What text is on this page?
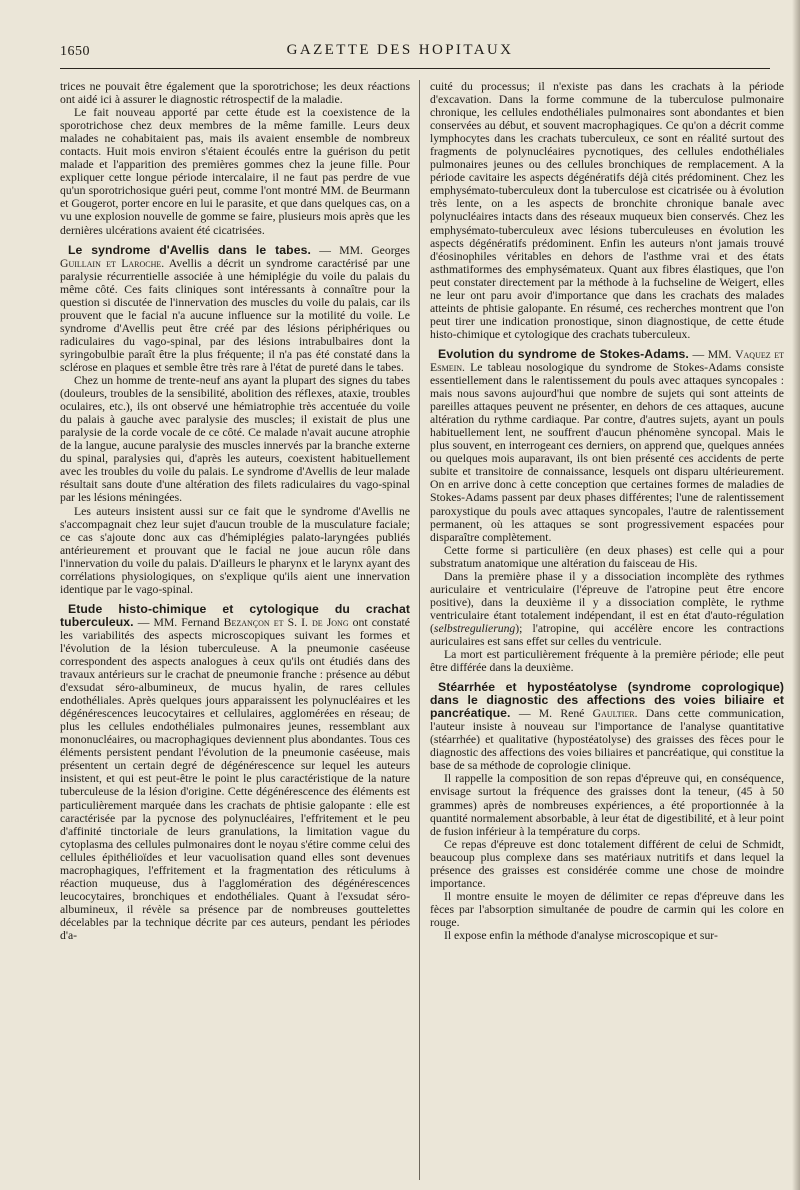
1650	GAZETTE DES HOPITAUX

trices ne pouvait être également que la sporotrichose; les deux réactions ont aidé ici à assurer le diagnostic rétrospectif de la maladie.

Le fait nouveau apporté par cette étude est la coexistence de la sporotrichose chez deux membres de la même famille. Leurs deux malades ne cohabitaient pas, mais ils avaient ensemble de nombreux contacts. Huit mois environ s'étaient écoulés entre la guérison du petit malade et l'apparition des premières gommes chez la jeune fille. Pour expliquer cette longue période intercalaire, il ne faut pas perdre de vue qu'un sporotrichosique guéri peut, comme l'ont montré MM. de Beurmann et Gougerot, porter encore en lui le parasite, et que dans quelques cas, on a vu une explosion nouvelle de gomme se faire, plusieurs mois après que les dernières ulcérations avaient été cicatrisées.

Le syndrome d'Avellis dans le tabes. — MM. Georges Guillain et Laroche. Avellis a décrit un syndrome caractérisé par une paralysie récurrentielle associée à une hémiplégie du voile du palais du même côté. Ces faits cliniques sont intéressants à connaître pour la question si discutée de l'innervation des muscles du voile du palais, car ils prouvent que le facial n'a aucune influence sur la motilité du voile. Le syndrome d'Avellis peut être créé par des lésions périphériques ou radiculaires du vago-spinal, par des lésions intrabulbaires dont la syringobulbie paraît être la plus fréquente; il n'a pas été constaté dans la sclérose en plaques et semble être très rare à l'état de pureté dans le tabes.

Chez un homme de trente-neuf ans ayant la plupart des signes du tabes (douleurs, troubles de la sensibilité, abolition des réflexes, ataxie, troubles oculaires, etc.), ils ont observé une hémiatrophie très accentuée du voile du palais à gauche avec paralysie des muscles; il existait de plus une paralysie de la corde vocale de ce côté. Ce malade n'avait aucune atrophie de la langue, aucune paralysie des muscles innervés par la branche externe du spinal, paralysies qui, d'après les auteurs, coexistent habituellement avec les troubles du voile du palais. Le syndrome d'Avellis de leur malade résultait sans doute d'une altération des filets radiculaires du vago-spinal par les lésions méningées.

Les auteurs insistent aussi sur ce fait que le syndrome d'Avellis ne s'accompagnait chez leur sujet d'aucun trouble de la musculature faciale; ce cas s'ajoute donc aux cas d'hémiplégies palato-laryngées publiés antérieurement et prouvant que le facial ne joue aucun rôle dans l'innervation du voile du palais. D'ailleurs le pharynx et le larynx ayant des corrélations physiologiques, on s'explique qu'ils aient une innervation identique par le vago-spinal.

Etude histo-chimique et cytologique du crachat tuberculeux. — MM. Fernand Bezançon et S. I. de Jong ont constaté les variabilités des aspects microscopiques suivant les formes et l'évolution de la lésion tuberculeuse. A la pneumonie caséeuse correspondent des aspects analogues à ceux qu'ils ont étudiés dans des travaux antérieurs sur le crachat de pneumonie franche : présence au début d'exsudat séro-albumineux, de mucus hyalin, de rares cellules endothéliales. Après quelques jours apparaissent les polynucléaires et les dégénérescences leucocytaires et cellulaires, agglomérées en réseau; de plus les cellules endothéliales pulmonaires jeunes, ressemblant aux mononucléaires, ou macrophagiques deviennent plus abondantes. Tous ces éléments persistent pendant l'évolution de la pneumonie caséeuse, mais présentent un certain degré de dégénérescence sur lequel les auteurs insistent, et qui est peut-être le point le plus caractéristique de la nature tuberculeuse de la lésion d'origine. Cette dégénérescence des éléments est particulièrement marquée dans les crachats de phtisie galopante : elle est caractérisée par la pycnose des polynucléaires, l'effritement et le peu d'affinité tinctoriale de leurs granulations, la limitation vague du cytoplasma des cellules pulmonaires dont le noyau s'étire comme celui des cellules épithélioïdes et leur vacuolisation quand elles sont devenues macrophagiques, l'effritement et la fragmentation des réticulums à réaction muqueuse, dus à l'agglomération des dégénérescences leucocytaires, bronchiques et endothéliales. Quant à l'exsudat séro-albumineux, il révèle sa présence par de nombreuses gouttelettes décelables par la technique décrite par ces auteurs, pendant les périodes d'a-

cuité du processus; il n'existe pas dans les crachats à la période d'excavation. Dans la forme commune de la tuberculose pulmonaire chronique, les cellules endothéliales pulmonaires sont abondantes et bien conservées au début, et souvent macrophagiques. Ce qu'on a décrit comme lymphocytes dans les crachats tuberculeux, ce sont en réalité surtout des fragments de polynucléaires pycnotiques, des cellules endothéliales pulmonaires jeunes ou des cellules bronchiques de remplacement. A la période cavitaire les aspects dégénératifs déjà cités prédominent. Chez les emphysémato-tuberculeux dont la tuberculose est cicatrisée ou à évolution très lente, on a les aspects de bronchite chronique banale avec polynucléaires intacts dans des réseaux muqueux bien conservés. Chez les emphysémato-tuberculeux avec lésions tuberculeuses en évolution les aspects dégénératifs prédominent. Enfin les auteurs n'ont jamais trouvé d'éosinophiles véritables en dehors de l'asthme vrai et des états asthmatiformes des emphysémateux. Quant aux fibres élastiques, que l'on peut constater directement par la méthode à la fuchseline de Weigert, elles ne leur ont paru avoir d'importance que dans les crachats des malades atteints de phtisie galopante. En résumé, ces recherches montrent que l'on peut tirer une indication pronostique, sinon diagnostique, de cette étude histo-chimique et cytologique des crachats tuberculeux.

Evolution du syndrome de Stokes-Adams. — MM. Vaquez et Esmein. Le tableau nosologique du syndrome de Stokes-Adams consiste essentiellement dans le ralentissement du pouls avec attaques syncopales : mais nous savons aujourd'hui que nombre de sujets qui sont atteints de pareilles attaques peuvent ne présenter, en dehors de ces attaques, aucune altération du rythme cardiaque. Par contre, d'autres sujets, ayant un pouls habituellement lent, ne souffrent d'aucun phénomène syncopal. Mais le plus souvent, en interrogeant ces derniers, on apprend que, quelques années ou quelques mois auparavant, ils ont bien présenté ces accidents de perte subite et transitoire de connaissance, lesquels ont disparu ultérieurement. On en arrive donc à cette conception que certaines formes de maladies de Stokes-Adams passent par deux phases différentes; l'une de ralentissement paroxystique du pouls avec attaques syncopales, l'autre de ralentissement permanent, où les attaques se sont progressivement espacées pour disparaître complètement.

Cette forme si particulière (en deux phases) est celle qui a pour substratum anatomique une altération du faisceau de His.

Dans la première phase il y a dissociation incomplète des rythmes auriculaire et ventriculaire (l'épreuve de l'atropine peut être encore positive), dans la deuxième il y a dissociation complète, le rythme ventriculaire étant totalement indépendant, il est en état d'auto-régulation (selbstregulierung); l'atropine, qui accélère encore les contractions auriculaires est sans effet sur celles du ventricule.

La mort est particulièrement fréquente à la première période; elle peut être différée dans la deuxième.

Stéarrhée et hypostéatolyse (syndrome coprologique) dans le diagnostic des affections des voies biliaire et pancréatique. — M. René Gaultier. Dans cette communication, l'auteur insiste à nouveau sur l'importance de l'analyse quantitative (stéarrhée) et qualitative (hypostéatolyse) des graisses des fèces pour le diagnostic des affections des voies biliaires et pancréatique, qui constitue la base de sa méthode de coprologie clinique.

Il rappelle la composition de son repas d'épreuve qui, en conséquence, envisage surtout la fréquence des graisses dont la teneur, (45 à 50 grammes) après de nombreuses expériences, a été proportionnée à la quantité normalement absorbable, à leur état de digestibilité, et à leur point de fusion inférieur à la température du corps.

Ce repas d'épreuve est donc totalement différent de celui de Schmidt, beaucoup plus complexe dans ses matériaux nutritifs et dans lequel la présence des graisses est considérée comme une chose de moindre importance.

Il montre ensuite le moyen de délimiter ce repas d'épreuve dans les fèces par l'absorption simultanée de poudre de carmin qui les colore en rouge.

Il expose enfin la méthode d'analyse microscopique et sur-
